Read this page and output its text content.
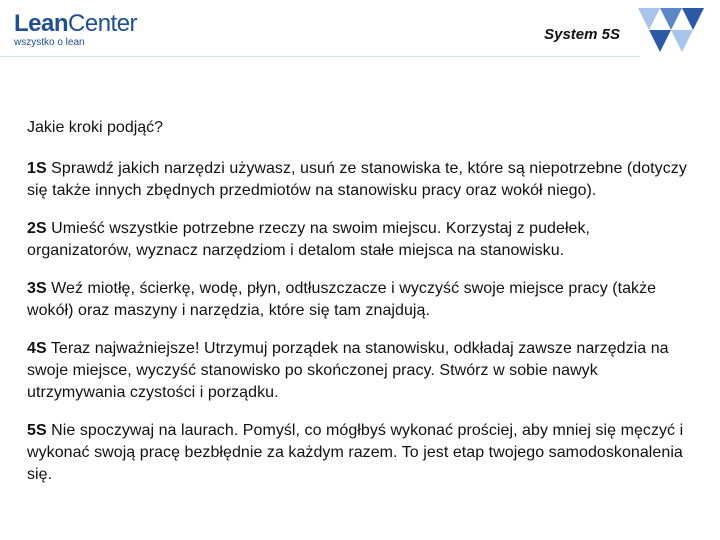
LeanCenter
wszystko o lean	System 5S
Jakie kroki podjąć?
1S Sprawdź jakich narzędzi używasz, usuń ze stanowiska te, które są niepotrzebne (dotyczy się także innych zbędnych przedmiotów na stanowisku pracy oraz wokół niego).
2S Umieść wszystkie potrzebne rzeczy na swoim miejscu. Korzystaj z pudełek, organizatorów, wyznacz narzędziom i detalom stałe miejsca na stanowisku.
3S Weź miotłę, ścierkę, wodę, płyn, odtłuszczacze i wyczyść swoje miejsce pracy (także wokół) oraz maszyny i narzędzia, które się tam znajdują.
4S Teraz najważniejsze! Utrzymuj porządek na stanowisku, odkładaj zawsze narzędzia na swoje miejsce, wyczyść stanowisko po skończonej pracy. Stwórz w sobie nawyk utrzymywania czystości i porządku.
5S Nie spoczywaj na laurach. Pomyśl, co mógłbyś wykonać prościej, aby mniej się męczyć i wykonać swoją pracę bezbłędnie za każdym razem. To jest etap twojego samodoskonalenia się.
